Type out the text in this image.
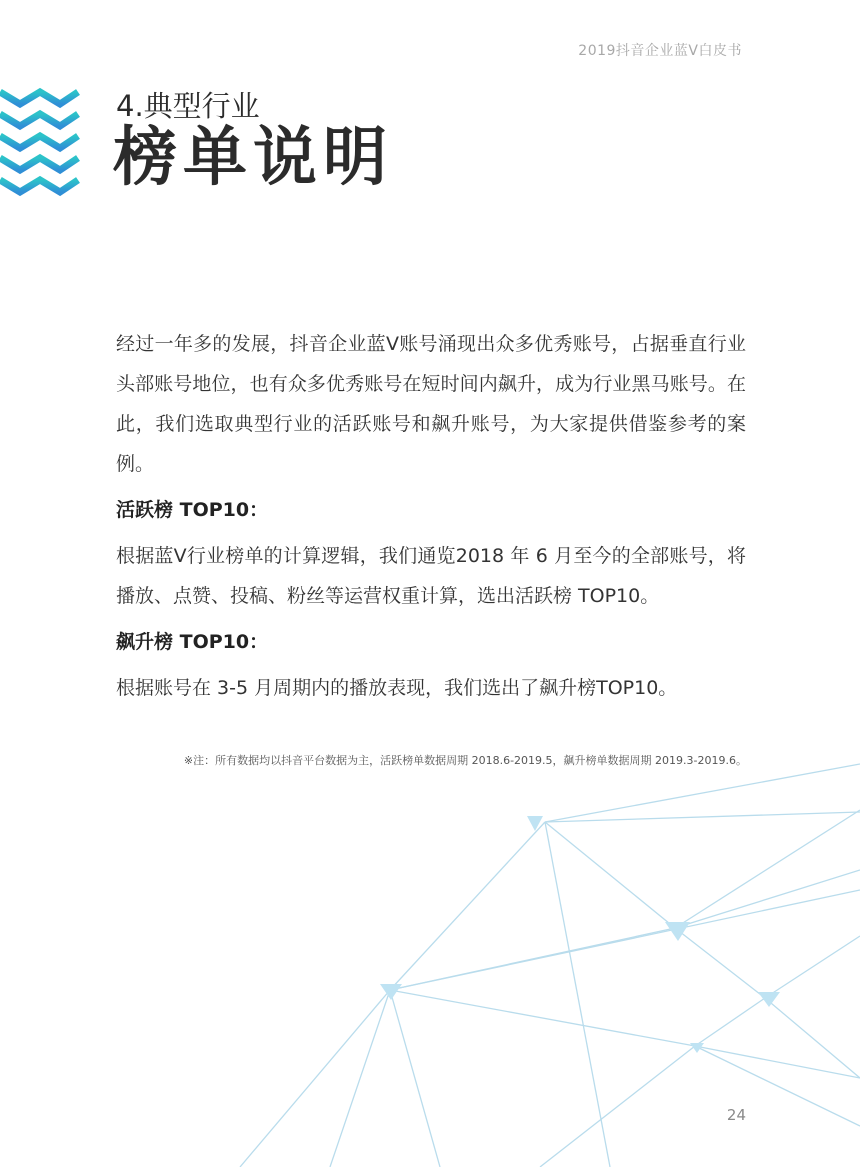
2019抖音企业蓝V白皮书
4.典型行业
榜单说明

经过一年多的发展，抖音企业蓝V账号涌现出众多优秀账号，占据垂直行业头部账号地位，也有众多优秀账号在短时间内飙升，成为行业黑马账号。在此，我们选取典型行业的活跃账号和飙升账号，为大家提供借鉴参考的案例。

活跃榜 TOP10：

根据蓝V行业榜单的计算逻辑，我们通览2018 年 6 月至今的全部账号，将播放、点赞、投稿、粉丝等运营权重计算，选出活跃榜 TOP10。

飙升榜 TOP10：

根据账号在 3-5 月周期内的播放表现，我们选出了飙升榜TOP10。

※注：所有数据均以抖音平台数据为主，活跃榜单数据周期 2018.6-2019.5，飙升榜单数据周期 2019.3-2019.6。
24
